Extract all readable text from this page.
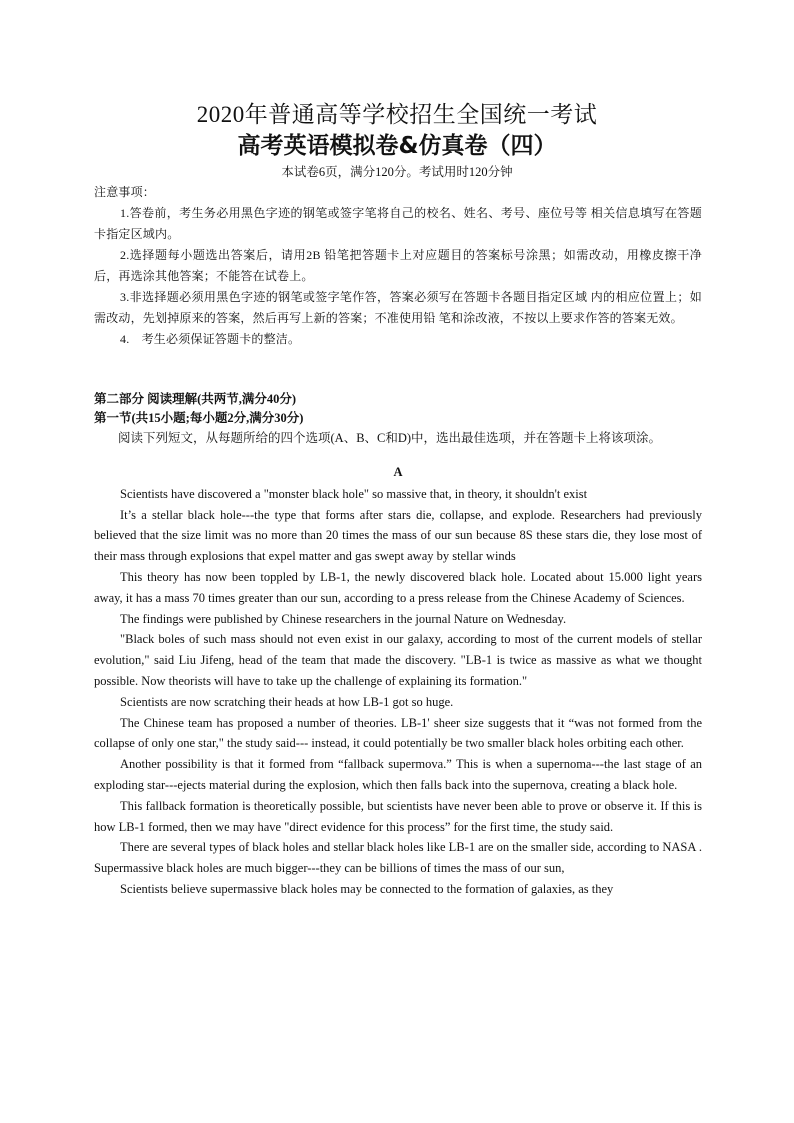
2020年普通高等学校招生全国统一考试
高考英语模拟卷&仿真卷（四）
本试卷6页，满分120分。考试用时120分钟

注意事项：

1.答卷前，考生务必用黑色字迹的钢笔或签字笔将自己的校名、姓名、考号、座位号等 相关信息填写在答题卡指定区域内。

2.选择题每小题选出答案后，请用2B 铅笔把答题卡上对应题目的答案标号涂黑；如需改动，用橡皮擦干净后，再选涂其他答案；不能答在试卷上。

3.非选择题必须用黑色字迹的钢笔或签字笔作答，答案必须写在答题卡各题目指定区域 内的相应位置上；如需改动，先划掉原来的答案，然后再写上新的答案；不准使用铅 笔和涂改液，不按以上要求作答的答案无效。

4.　考生必须保证答题卡的整洁。

第二部分 阅读理解(共两节,满分40分)

第一节(共15小题;每小题2分,满分30分)

阅读下列短文，从每题所给的四个选项(A、B、C和D)中，选出最佳选项，并在答题卡上将该项涂。

A

Scientists have discovered a "monster black hole" so massive that, in theory, it shouldn't exist

It’s a stellar black hole---the type that forms after stars die, collapse, and explode. Researchers had previously believed that the size limit was no more than 20 times the mass of our sun because 8S these stars die, they lose most of their mass through explosions that expel matter and gas swept away by stellar winds

This theory has now been toppled by LB-1, the newly discovered black hole. Located about 15.000 light years away, it has a mass 70 times greater than our sun, according to a press release from the Chinese Academy of Sciences.

The findings were published by Chinese researchers in the journal Nature on Wednesday.

"Black boles of such mass should not even exist in our galaxy, according to most of the current models of stellar evolution," said Liu Jifeng, head of the team that made the discovery. "LB-1 is twice as massive as what we thought possible. Now theorists will have to take up the challenge of explaining its formation."

Scientists are now scratching their heads at how LB-1 got so huge.

The Chinese team has proposed a number of theories. LB-1' sheer size suggests that it “was not formed from the collapse of only one star," the study said--- instead, it could potentially be two smaller black holes orbiting each other.

Another possibility is that it formed from “fallback supermova.” This is when a supernoma---the last stage of an exploding star---ejects material during the explosion, which then falls back into the supernova, creating a black hole.

This fallback formation is theoretically possible, but scientists have never been able to prove or observe it. If this is how LB-1 formed, then we may have "direct evidence for this process” for the first time, the study said.

There are several types of black holes and stellar black holes like LB-1 are on the smaller side, according to NASA . Supermassive black holes are much bigger---they can be billions of times the mass of our sun,

Scientists believe supermassive black holes may be connected to the formation of galaxies, as they
